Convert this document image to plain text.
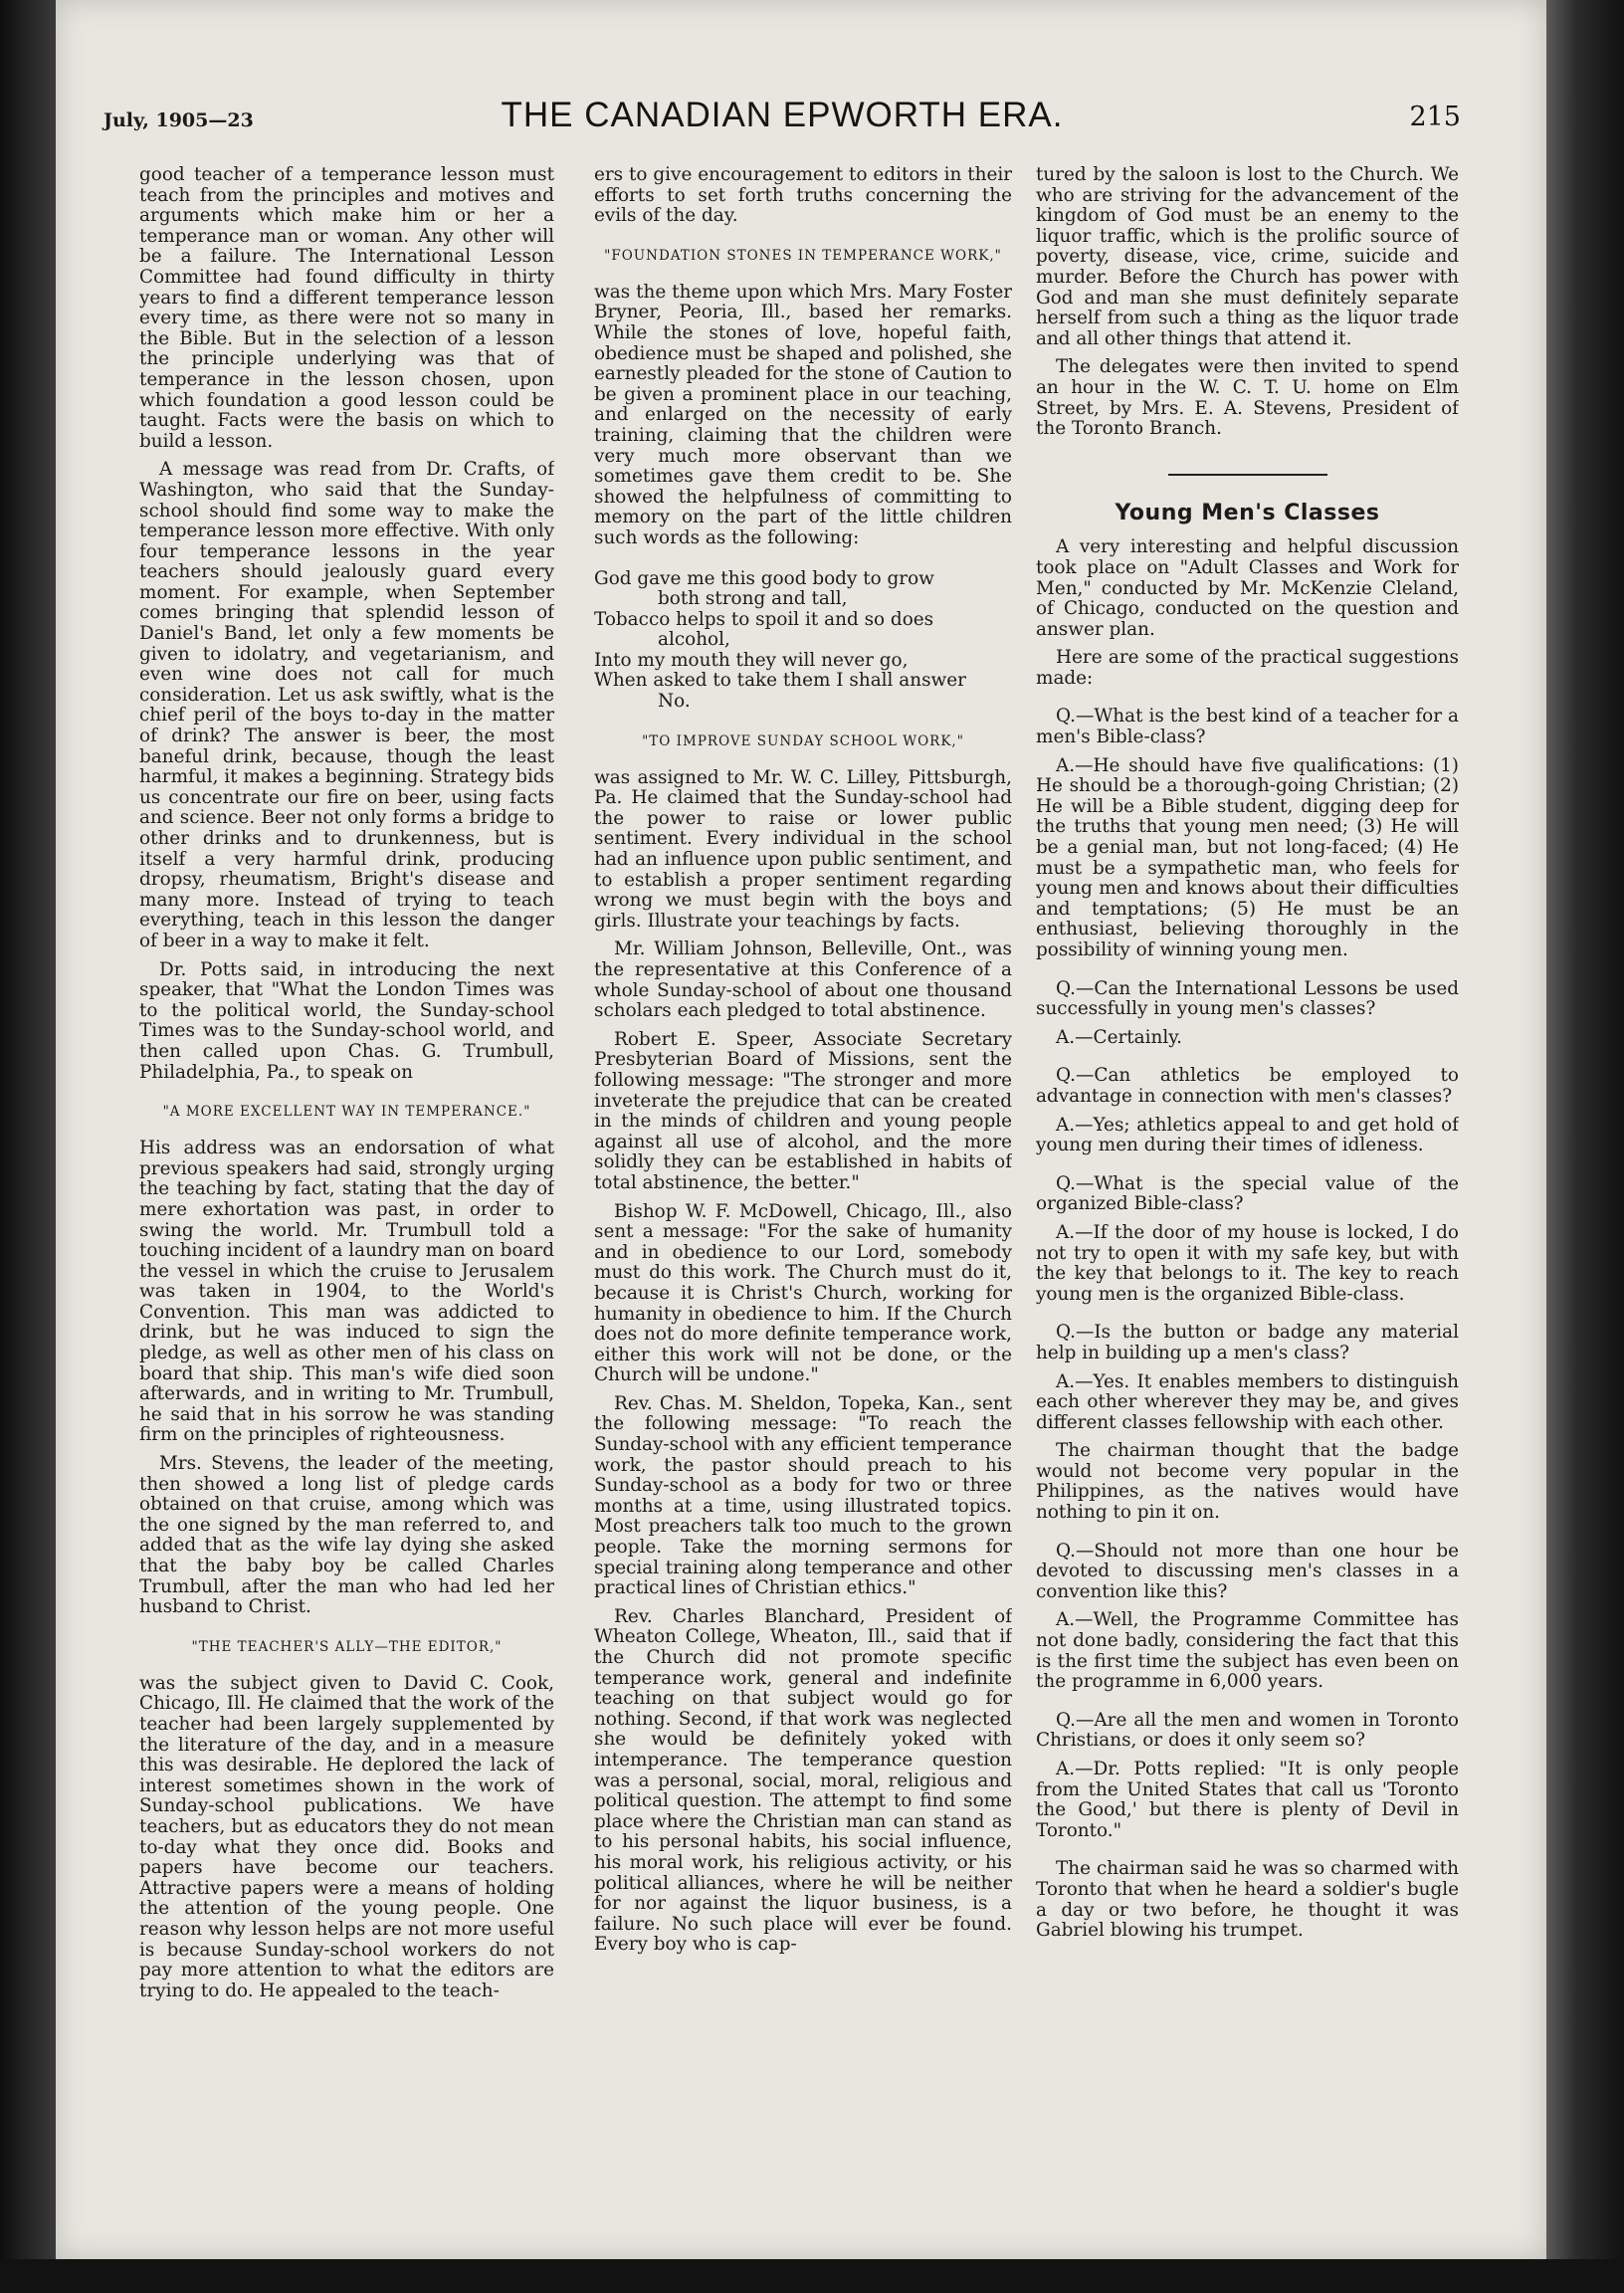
July, 1905—23	THE CANADIAN EPWORTH ERA.	215

good teacher of a temperance lesson must teach from the principles and motives and arguments which make him or her a temperance man or woman. Any other will be a failure. The International Lesson Committee had found difficulty in thirty years to find a different temperance lesson every time, as there were not so many in the Bible. But in the selection of a lesson the principle underlying was that of temperance in the lesson chosen, upon which foundation a good lesson could be taught. Facts were the basis on which to build a lesson.

A message was read from Dr. Crafts, of Washington, who said that the Sunday-school should find some way to make the temperance lesson more effective. With only four temperance lessons in the year teachers should jealously guard every moment. For example, when September comes bringing that splendid lesson of Daniel's Band, let only a few moments be given to idolatry, and vegetarianism, and even wine does not call for much consideration. Let us ask swiftly, what is the chief peril of the boys to-day in the matter of drink? The answer is beer, the most baneful drink, because, though the least harmful, it makes a beginning. Strategy bids us concentrate our fire on beer, using facts and science. Beer not only forms a bridge to other drinks and to drunkenness, but is itself a very harmful drink, producing dropsy, rheumatism, Bright's disease and many more. Instead of trying to teach everything, teach in this lesson the danger of beer in a way to make it felt.

Dr. Potts said, in introducing the next speaker, that "What the London Times was to the political world, the Sunday-school Times was to the Sunday-school world, and then called upon Chas. G. Trumbull, Philadelphia, Pa., to speak on

"A MORE EXCELLENT WAY IN TEMPERANCE."

His address was an endorsation of what previous speakers had said, strongly urging the teaching by fact, stating that the day of mere exhortation was past, in order to swing the world. Mr. Trumbull told a touching incident of a laundry man on board the vessel in which the cruise to Jerusalem was taken in 1904, to the World's Convention. This man was addicted to drink, but he was induced to sign the pledge, as well as other men of his class on board that ship. This man's wife died soon afterwards, and in writing to Mr. Trumbull, he said that in his sorrow he was standing firm on the principles of righteousness.

Mrs. Stevens, the leader of the meeting, then showed a long list of pledge cards obtained on that cruise, among which was the one signed by the man referred to, and added that as the wife lay dying she asked that the baby boy be called Charles Trumbull, after the man who had led her husband to Christ.

"THE TEACHER'S ALLY—THE EDITOR,"

was the subject given to David C. Cook, Chicago, Ill. He claimed that the work of the teacher had been largely supplemented by the literature of the day, and in a measure this was desirable. He deplored the lack of interest sometimes shown in the work of Sunday-school publications. We have teachers, but as educators they do not mean to-day what they once did. Books and papers have become our teachers. Attractive papers were a means of holding the attention of the young people. One reason why lesson helps are not more useful is because Sunday-school workers do not pay more attention to what the editors are trying to do. He appealed to the teach-

ers to give encouragement to editors in their efforts to set forth truths concerning the evils of the day.

"FOUNDATION STONES IN TEMPERANCE WORK,"

was the theme upon which Mrs. Mary Foster Bryner, Peoria, Ill., based her remarks. While the stones of love, hopeful faith, obedience must be shaped and polished, she earnestly pleaded for the stone of Caution to be given a prominent place in our teaching, and enlarged on the necessity of early training, claiming that the children were very much more observant than we sometimes gave them credit to be. She showed the helpfulness of committing to memory on the part of the little children such words as the following:

God gave me this good body to grow
both strong and tall,
Tobacco helps to spoil it and so does
alcohol,
Into my mouth they will never go,
When asked to take them I shall answer
No.
"TO IMPROVE SUNDAY SCHOOL WORK,"

was assigned to Mr. W. C. Lilley, Pittsburgh, Pa. He claimed that the Sunday-school had the power to raise or lower public sentiment. Every individual in the school had an influence upon public sentiment, and to establish a proper sentiment regarding wrong we must begin with the boys and girls. Illustrate your teachings by facts.

Mr. William Johnson, Belleville, Ont., was the representative at this Conference of a whole Sunday-school of about one thousand scholars each pledged to total abstinence.

Robert E. Speer, Associate Secretary Presbyterian Board of Missions, sent the following message: "The stronger and more inveterate the prejudice that can be created in the minds of children and young people against all use of alcohol, and the more solidly they can be established in habits of total abstinence, the better."

Bishop W. F. McDowell, Chicago, Ill., also sent a message: "For the sake of humanity and in obedience to our Lord, somebody must do this work. The Church must do it, because it is Christ's Church, working for humanity in obedience to him. If the Church does not do more definite temperance work, either this work will not be done, or the Church will be undone."

Rev. Chas. M. Sheldon, Topeka, Kan., sent the following message: "To reach the Sunday-school with any efficient temperance work, the pastor should preach to his Sunday-school as a body for two or three months at a time, using illustrated topics. Most preachers talk too much to the grown people. Take the morning sermons for special training along temperance and other practical lines of Christian ethics."

Rev. Charles Blanchard, President of Wheaton College, Wheaton, Ill., said that if the Church did not promote specific temperance work, general and indefinite teaching on that subject would go for nothing. Second, if that work was neglected she would be definitely yoked with intemperance. The temperance question was a personal, social, moral, religious and political question. The attempt to find some place where the Christian man can stand as to his personal habits, his social influence, his moral work, his religious activity, or his political alliances, where he will be neither for nor against the liquor business, is a failure. No such place will ever be found. Every boy who is cap-

tured by the saloon is lost to the Church. We who are striving for the advancement of the kingdom of God must be an enemy to the liquor traffic, which is the prolific source of poverty, disease, vice, crime, suicide and murder. Before the Church has power with God and man she must definitely separate herself from such a thing as the liquor trade and all other things that attend it.

The delegates were then invited to spend an hour in the W. C. T. U. home on Elm Street, by Mrs. E. A. Stevens, President of the Toronto Branch.

Young Men's Classes

A very interesting and helpful discussion took place on "Adult Classes and Work for Men," conducted by Mr. McKenzie Cleland, of Chicago, conducted on the question and answer plan.

Here are some of the practical suggestions made:

Q.—What is the best kind of a teacher for a men's Bible-class?

A.—He should have five qualifications: (1) He should be a thorough-going Christian; (2) He will be a Bible student, digging deep for the truths that young men need; (3) He will be a genial man, but not long-faced; (4) He must be a sympathetic man, who feels for young men and knows about their difficulties and temptations; (5) He must be an enthusiast, believing thoroughly in the possibility of winning young men.

Q.—Can the International Lessons be used successfully in young men's classes?

A.—Certainly.

Q.—Can athletics be employed to advantage in connection with men's classes?

A.—Yes; athletics appeal to and get hold of young men during their times of idleness.

Q.—What is the special value of the organized Bible-class?

A.—If the door of my house is locked, I do not try to open it with my safe key, but with the key that belongs to it. The key to reach young men is the organized Bible-class.

Q.—Is the button or badge any material help in building up a men's class?

A.—Yes. It enables members to distinguish each other wherever they may be, and gives different classes fellowship with each other.

The chairman thought that the badge would not become very popular in the Philippines, as the natives would have nothing to pin it on.

Q.—Should not more than one hour be devoted to discussing men's classes in a convention like this?

A.—Well, the Programme Committee has not done badly, considering the fact that this is the first time the subject has even been on the programme in 6,000 years.

Q.—Are all the men and women in Toronto Christians, or does it only seem so?

A.—Dr. Potts replied: "It is only people from the United States that call us 'Toronto the Good,' but there is plenty of Devil in Toronto."

The chairman said he was so charmed with Toronto that when he heard a soldier's bugle a day or two before, he thought it was Gabriel blowing his trumpet.
